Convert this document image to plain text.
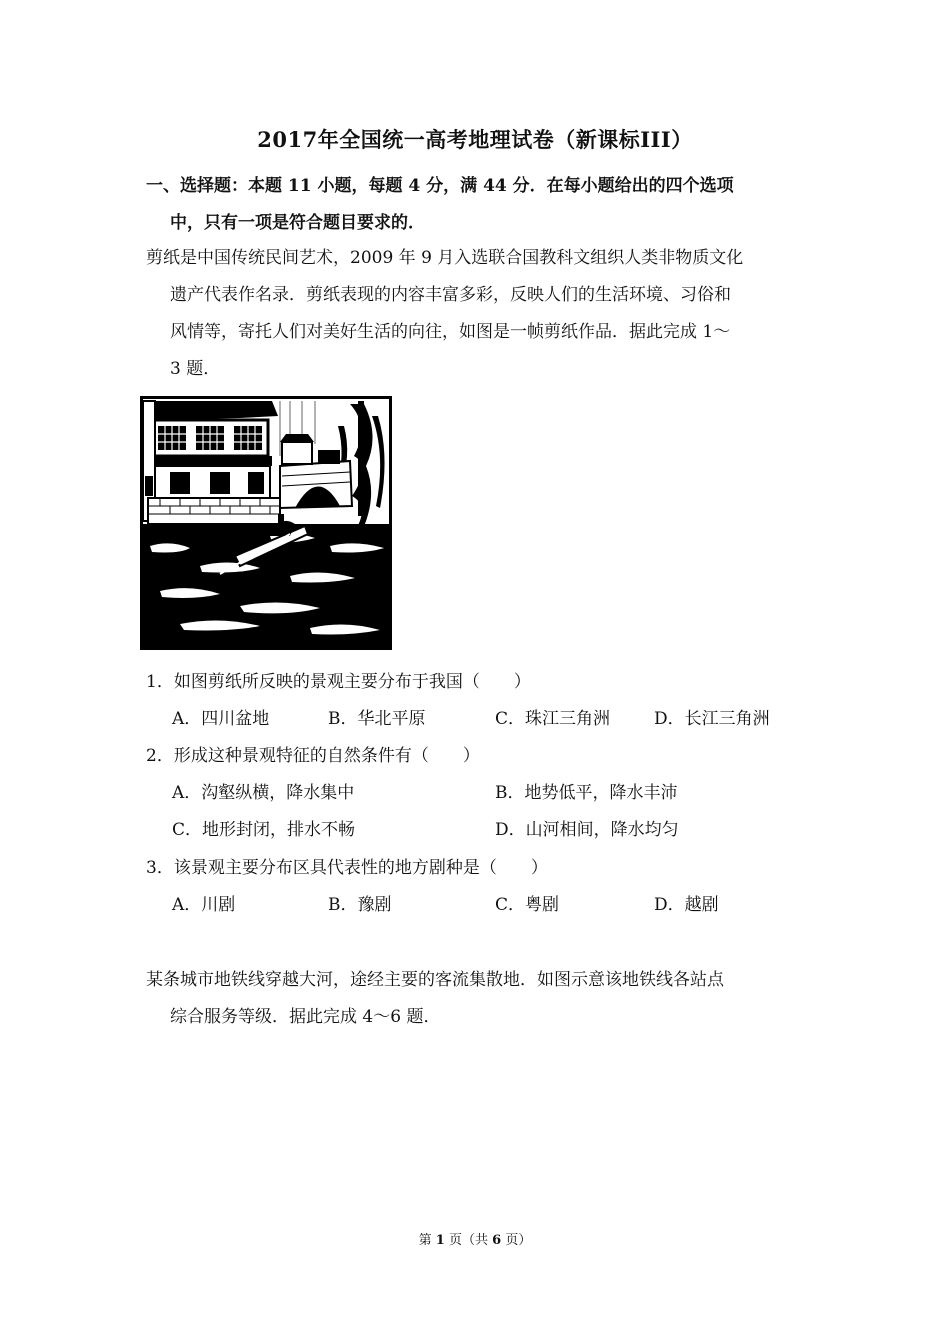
2017年全国统一高考地理试卷（新课标III）
一、选择题：本题 11 小题，每题 4 分，满 44 分．在每小题给出的四个选项
中，只有一项是符合题目要求的．
剪纸是中国传统民间艺术，2009 年 9 月入选联合国教科文组织人类非物质文化
遗产代表作名录．剪纸表现的内容丰富多彩，反映人们的生活环境、习俗和
风情等，寄托人们对美好生活的向往，如图是一帧剪纸作品．据此完成 1～
3 题．
1．如图剪纸所反映的景观主要分布于我国（　　）
A．四川盆地	B．华北平原	C．珠江三角洲	D．长江三角洲
2．形成这种景观特征的自然条件有（　　）
A．沟壑纵横，降水集中	B．地势低平，降水丰沛
C．地形封闭，排水不畅	D．山河相间，降水均匀
3．该景观主要分布区具代表性的地方剧种是（　　）
A．川剧	B．豫剧	C．粤剧	D．越剧
某条城市地铁线穿越大河，途经主要的客流集散地．如图示意该地铁线各站点
综合服务等级．据此完成 4～6 题．
第 1 页（共 6 页）
